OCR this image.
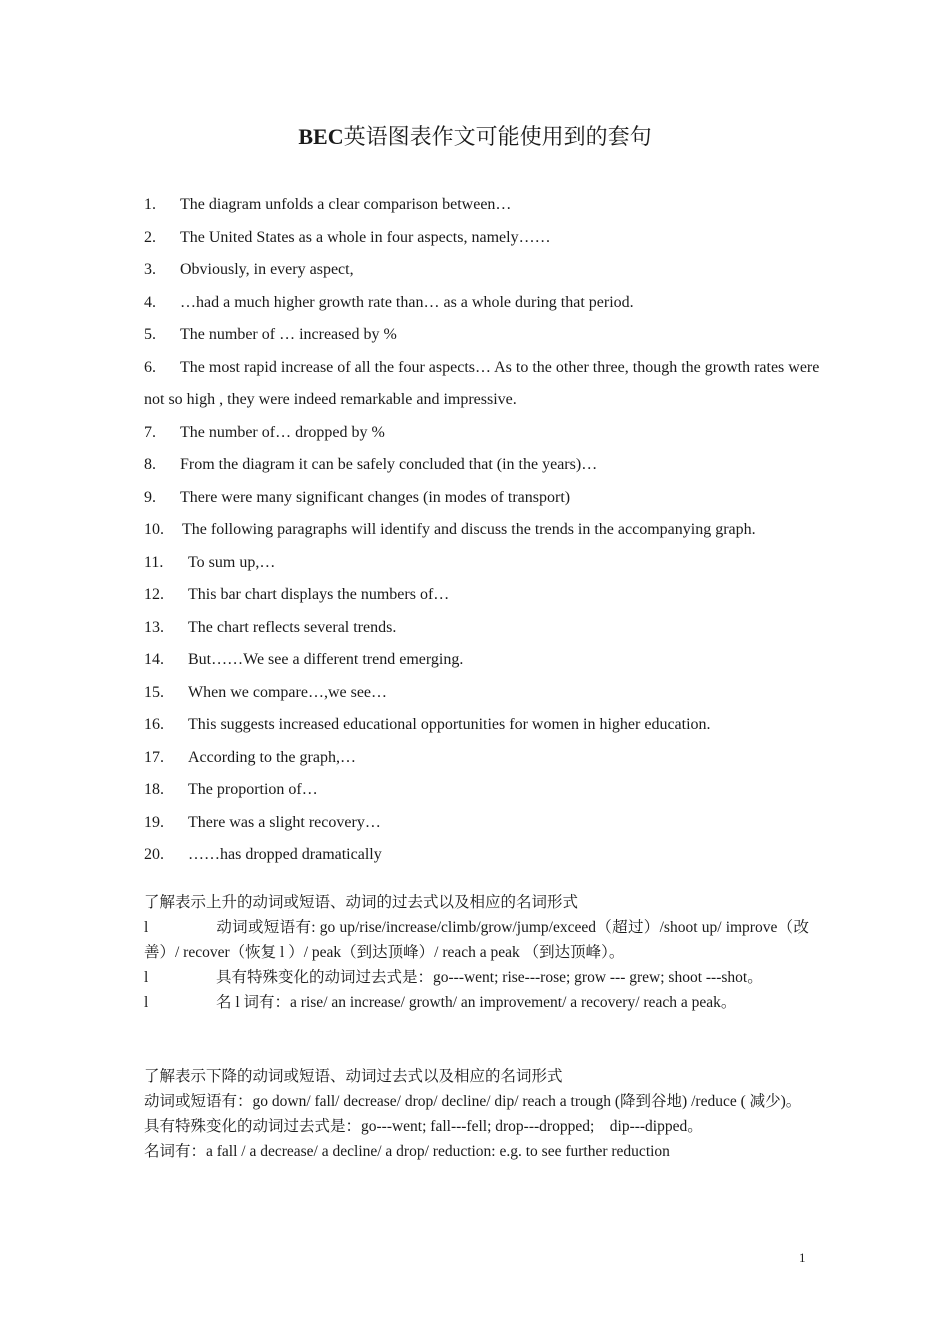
BEC英语图表作文可能使用到的套句
1. The diagram unfolds a clear comparison between…
2. The United States as a whole in four aspects, namely……
3. Obviously, in every aspect,
4. …had a much higher growth rate than… as a whole during that period.
5. The number of … increased by %
6. The most rapid increase of all the four aspects… As to the other three, though the growth rates were not so high , they were indeed remarkable and impressive.
7. The number of… dropped by %
8. From the diagram it can be safely concluded that (in the years)…
9. There were many significant changes (in modes of transport)
10. The following paragraphs will identify and discuss the trends in the accompanying graph.
11. To sum up,…
12. This bar chart displays the numbers of…
13. The chart reflects several trends.
14. But……We see a different trend emerging.
15. When we compare…,we see…
16. This suggests increased educational opportunities for women in higher education.
17. According to the graph,…
18. The proportion of…
19. There was a slight recovery…
20. ……has dropped dramatically

了解表示上升的动词或短语、动词的过去式以及相应的名词形式

l	动词或短语有: go up/rise/increase/climb/grow/jump/exceed（超过）/shoot up/ improve（改善）/ recover（恢复 l ）/ peak（到达顶峰）/ reach a peak （到达顶峰）。

l	具有特殊变化的动词过去式是：go---went; rise---rose; grow --- grew; shoot ---shot。

l	名 l 词有：a rise/ an increase/ growth/ an improvement/ a recovery/ reach a peak。

了解表示下降的动词或短语、动词过去式以及相应的名词形式

动词或短语有：go down/ fall/ decrease/ drop/ decline/ dip/ reach a trough (降到谷地) /reduce ( 减少)。

具有特殊变化的动词过去式是：go---went; fall---fell; drop---dropped;　dip---dipped。

名词有：a fall / a decrease/ a decline/ a drop/ reduction: e.g. to see further reduction

1
